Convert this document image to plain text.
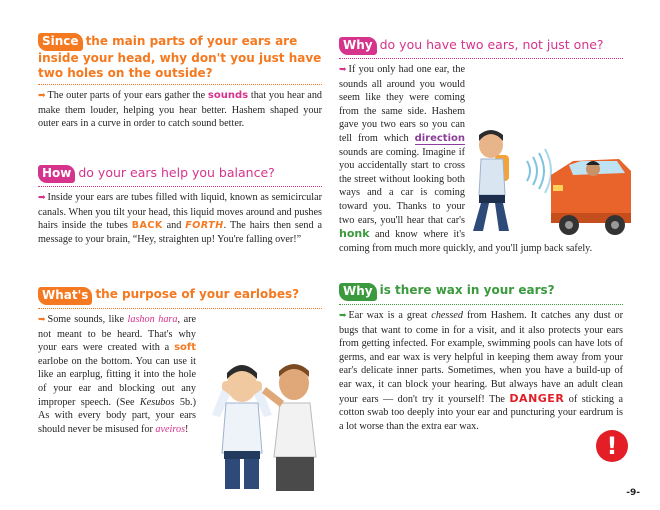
Since the main parts of your ears are inside your head, why don't you just have two holes on the outside?

➡ The outer parts of your ears gather the sounds that you hear and make them louder, helping you hear better. Hashem shaped your outer ears in a curve in order to catch sound better.

How do your ears help you balance?

➡ Inside your ears are tubes filled with liquid, known as semicircular canals. When you tilt your head, this liquid moves around and pushes hairs inside the tubes BACK and FORTH. The hairs then send a message to your brain, “Hey, straighten up! You're falling over!”

What's the purpose of your earlobes?

➥ Some sounds, like lashon hara, are not meant to be heard. That's why your ears were created with a soft earlobe on the bottom. You can use it like an earplug, fitting it into the hole of your ear and blocking out any improper speech. (See Kesubos 5b.) As with every body part, your ears should never be misused for aveiros!

Why do you have two ears, not just one?

➥ If you only had one ear, the sounds all around you would seem like they were coming from the same side. Hashem gave you two ears so you can tell from which direction sounds are coming. Imagine if you accidentally start to cross the street without looking both ways and a car is coming toward you. Thanks to your two ears, you'll hear that car's honk and know where it's coming from much more quickly, and you'll jump back safely.

Why is there wax in your ears?

➥ Ear wax is a great chessed from Hashem. It catches any dust or bugs that want to come in for a visit, and it also protects your ears from getting infected. For example, swimming pools can have lots of germs, and ear wax is very helpful in keeping them away from your ear's delicate inner parts. Sometimes, when you have a build-up of ear wax, it can block your hearing. But always have an adult clean your ears — don't try it yourself! The DANGER of sticking a cotton swab too deeply into your ear and puncturing your eardrum is a lot worse than the extra ear wax.

!
-9-
